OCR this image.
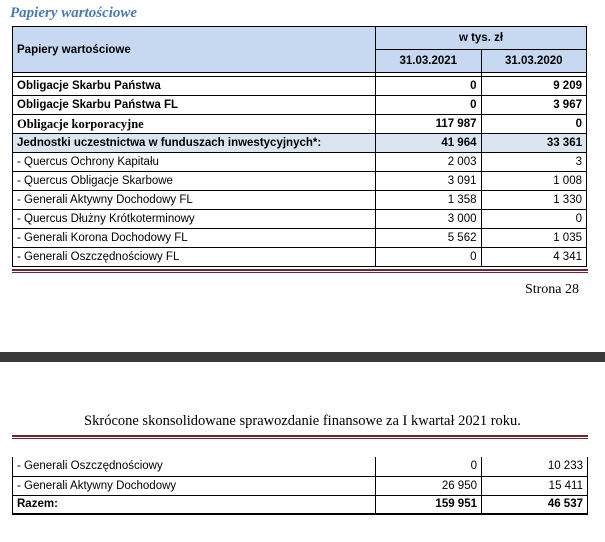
Papiery wartościowe
Papiery wartościowe	w tys. zł	
	31.03.2021	31.03.2020

Obligacje Skarbu Państwa	0	9 209
Obligacje Skarbu Państwa FL	0	3 967
Obligacje korporacyjne	117 987	0
Jednostki uczestnictwa w funduszach inwestycyjnych*:	41 964	33 361
- Quercus Ochrony Kapitału	2 003	3
- Quercus Obligacje Skarbowe	3 091	1 008
- Generali Aktywny Dochodowy FL	1 358	1 330
- Quercus Dłużny Krótkoterminowy	3 000	0
- Generali Korona Dochodowy FL	5 562	1 035
- Generali Oszczędnościowy FL	0	4 341
Strona 28
Skrócone skonsolidowane sprawozdanie finansowe za I kwartał 2021 roku.
- Generali Oszczędnościowy	0	10 233
- Generali Aktywny Dochodowy	26 950	15 411
Razem:	159 951	46 537
